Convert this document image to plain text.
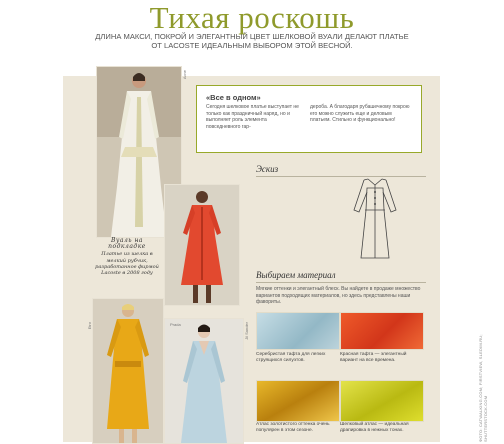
Тихая роскошь
ДЛИНА МАКСИ, ПОКРОЙ И ЭЛЕГАНТНЫЙ ЦВЕТ ШЕЛКОВОЙ ВУАЛИ ДЕЛАЮТ ПЛАТЬЕ ОТ LACOSTE ИДЕАЛЬНЫМ ВЫБОРОМ ЭТОЙ ВЕСНОЙ.
Acne
Etro	Prada	Jil Sander
Вуаль на подкладке
Платье из шелка в мелкий рубчик, разработанное фирмой Lacoste в 2008 году
«Все в одном»
Сегодня шелковое платье выступает не только как праздничный наряд, но и выполняет роль элемента повседневного гар-
дероба. А благодаря рубашечному покрою его можно служить еще и деловым платьем. Стильно и функционально!
Эскиз
Выбираем материал
Мягкие оттенки и элегантный блеск. Вы найдете в продаже множество вариантов подходящих материалов, но здесь представлены наши фавориты.
Серебристая тафта для легких струящихся силуэтов.
Красная тафта — элегантный вариант на все времена.
Атлас золотистого оттенка очень популярен в этом сезоне.
Шелковый атлас — идеальная драпировка в нежных тонах.	ФОТО: CATWALKING.COM; FIRSTVIEW, SLEDIM.RU; SHUTTERSTOCK.COM
